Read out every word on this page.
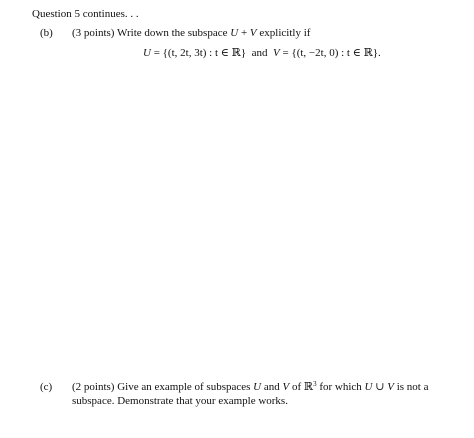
Question 5 continues. . .
(b) (3 points) Write down the subspace U + V explicitly if
U = {(t, 2t, 3t) : t ∈ ℝ} and V = {(t, −2t, 0) : t ∈ ℝ}.
(c) (2 points) Give an example of subspaces U and V of ℝ$^3$ for which U ∪ V is not a
subspace. Demonstrate that your example works.
